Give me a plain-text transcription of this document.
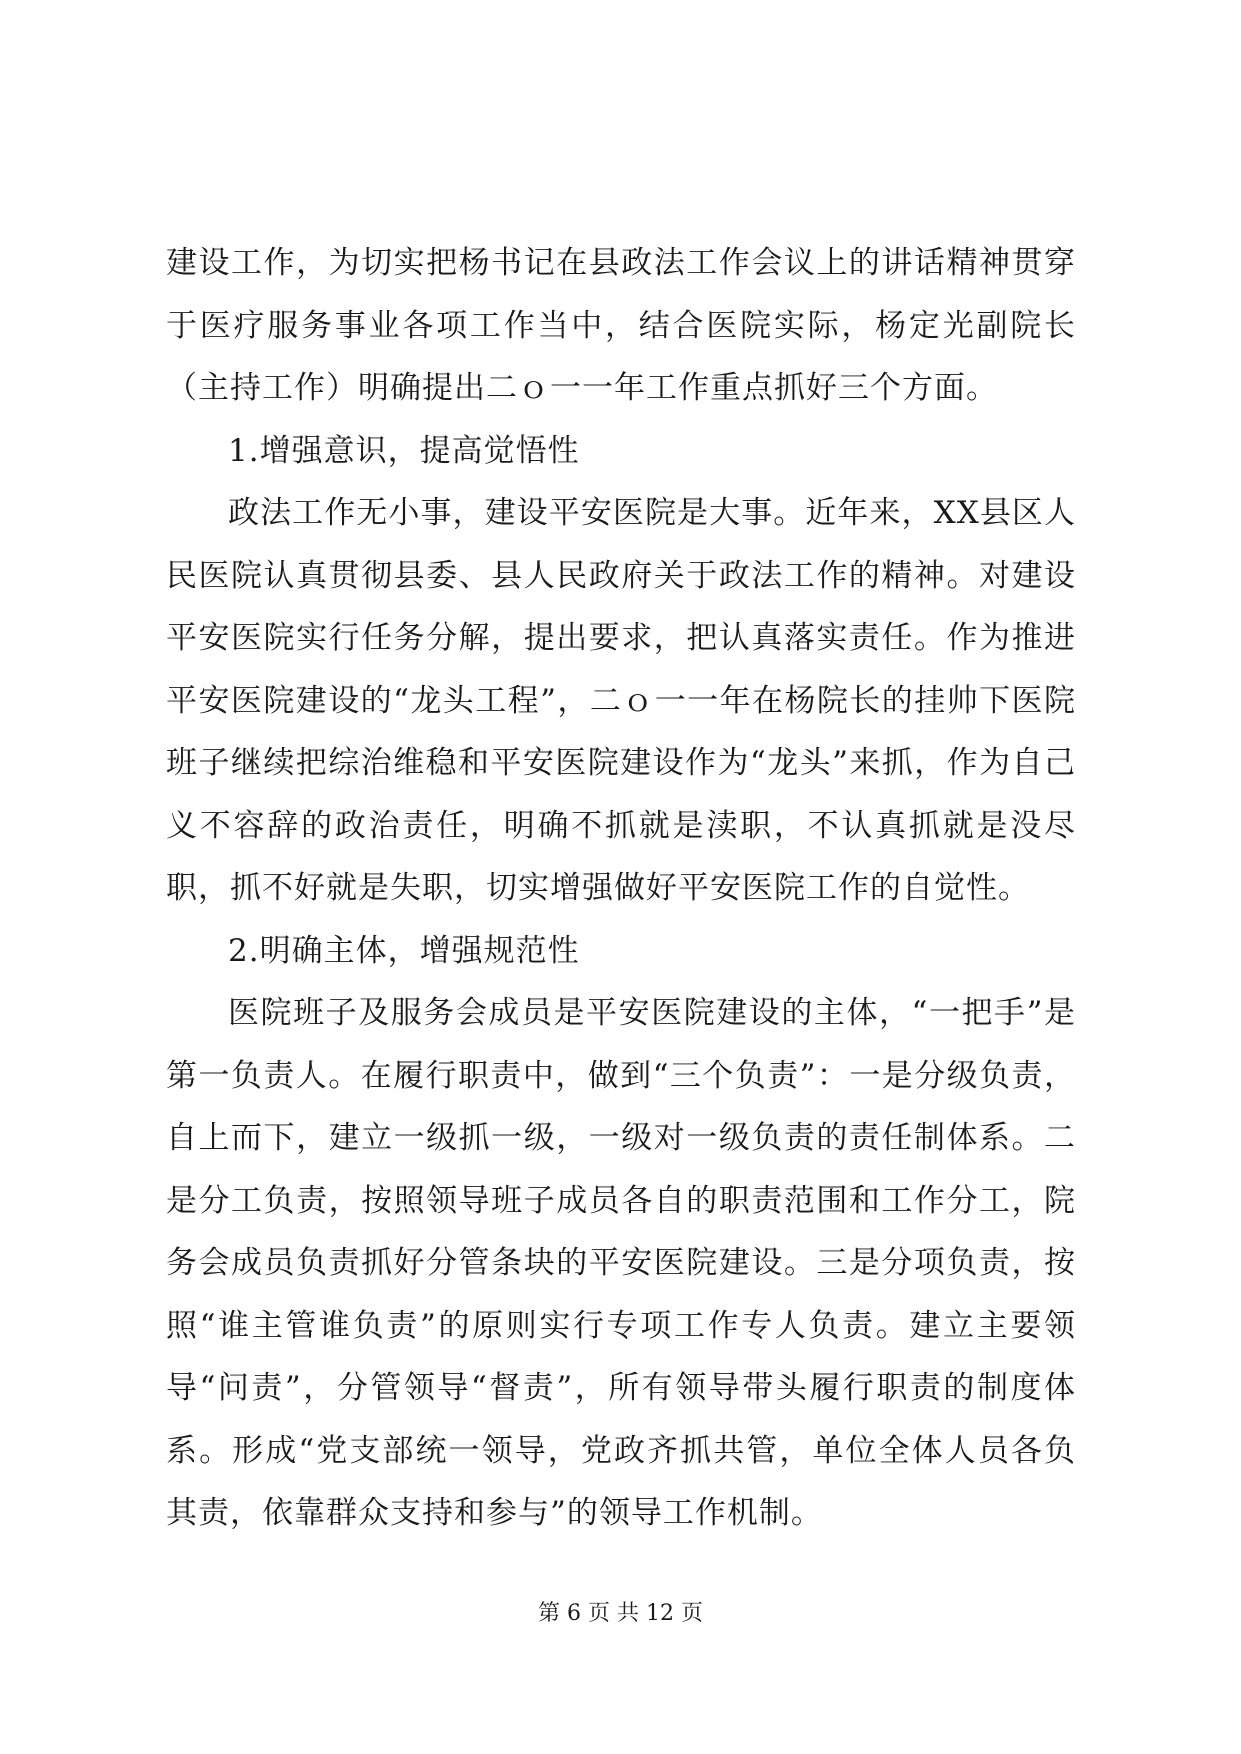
建设工作，为切实把杨书记在县政法工作会议上的讲话精神贯穿于医疗服务事业各项工作当中，结合医院实际，杨定光副院长（主持工作）明确提出二ｏ一一年工作重点抓好三个方面。

1.增强意识，提高觉悟性

政法工作无小事，建设平安医院是大事。近年来，XX县区人民医院认真贯彻县委、县人民政府关于政法工作的精神。对建设平安医院实行任务分解，提出要求，把认真落实责任。作为推进平安医院建设的“龙头工程”，二ｏ一一年在杨院长的挂帅下医院班子继续把综治维稳和平安医院建设作为“龙头”来抓，作为自己义不容辞的政治责任，明确不抓就是渎职，不认真抓就是没尽职，抓不好就是失职，切实增强做好平安医院工作的自觉性。

2.明确主体，增强规范性

医院班子及服务会成员是平安医院建设的主体，“一把手”是第一负责人。在履行职责中，做到“三个负责”：一是分级负责，自上而下，建立一级抓一级，一级对一级负责的责任制体系。二是分工负责，按照领导班子成员各自的职责范围和工作分工，院务会成员负责抓好分管条块的平安医院建设。三是分项负责，按照“谁主管谁负责”的原则实行专项工作专人负责。建立主要领导“问责”，分管领导“督责”，所有领导带头履行职责的制度体系。形成“党支部统一领导，党政齐抓共管，单位全体人员各负其责，依靠群众支持和参与”的领导工作机制。

第 6 页 共 12 页
